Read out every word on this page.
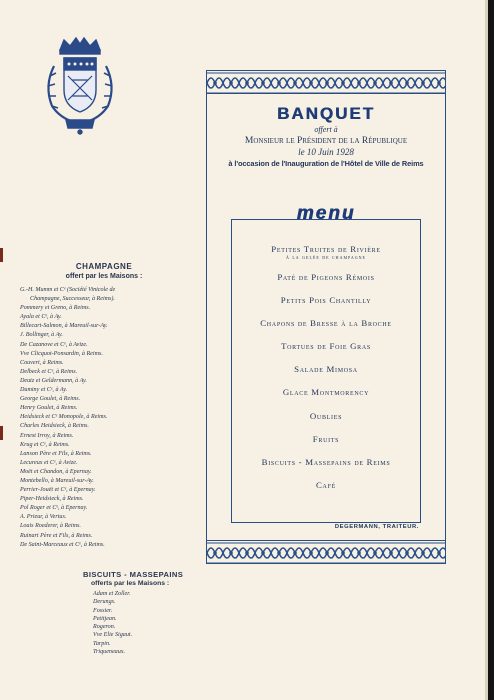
CHAMPAGNE
offert par les Maisons :
G.-H. Mumm et Cᵉ (Société Vinicole de
Champagne, Successeur, à Reims).
Pommery et Greno, à Reims.
Ayala et Cᵉ, à Ay.
Billecart-Salmon, à Mareuil-sur-Ay.
J. Bollinger, à Ay.
De Cazanove et Cᵉ, à Avize.
Vve Clicquot-Ponsardin, à Reims.
Couvert, à Reims.
Delbeck et Cᵉ, à Reims.
Deutz et Geldermann, à Ay.
Duminy et Cᵉ, à Ay.
George Goulet, à Reims.
Henry Goulet, à Reims.
Heidsieck et Cᵉ Monopole, à Reims.
Charles Heidsieck, à Reims.
Ernest Irroy, à Reims.
Krug et Cᵉ, à Reims.
Lanson Père et Fils, à Reims.
Lecureux et Cᵉ, à Avize.
Moët et Chandon, à Epernay.
Montebello, à Mareuil-sur-Ay.
Perrier-Jouët et Cᵉ, à Epernay.
Piper-Heidsieck, à Reims.
Pol Roger et Cᵉ, à Epernay.
A. Prieur, à Vertus.
Louis Roederer, à Reims.
Ruinart Père et Fils, à Reims.
De Saint-Marceaux et Cᵉ, à Reims.
BISCUITS - MASSEPAINS
offerts par les Maisons :
Adam et Zoller.
Derungs.
Fossier.
Petitjean.
Rogeron.
Vve Elie Sigaut.
Tarpin.
Triqueneaux.
BANQUET
offert à
Monsieur le Président de la République
le 10 Juin 1928
à l'occasion de l'Inauguration de l'Hôtel de Ville de Reims
menu
Petites Truites de Rivière
à la gelée de champagne
Paté de Pigeons Rémois
Petits Pois Chantilly
Chapons de Bresse à la Broche
Tortues de Foie Gras
Salade Mimosa
Glace Montmorency
Oublies
Fruits
Biscuits - Massepains de Reims
Café
DEGERMANN, TRAITEUR.
